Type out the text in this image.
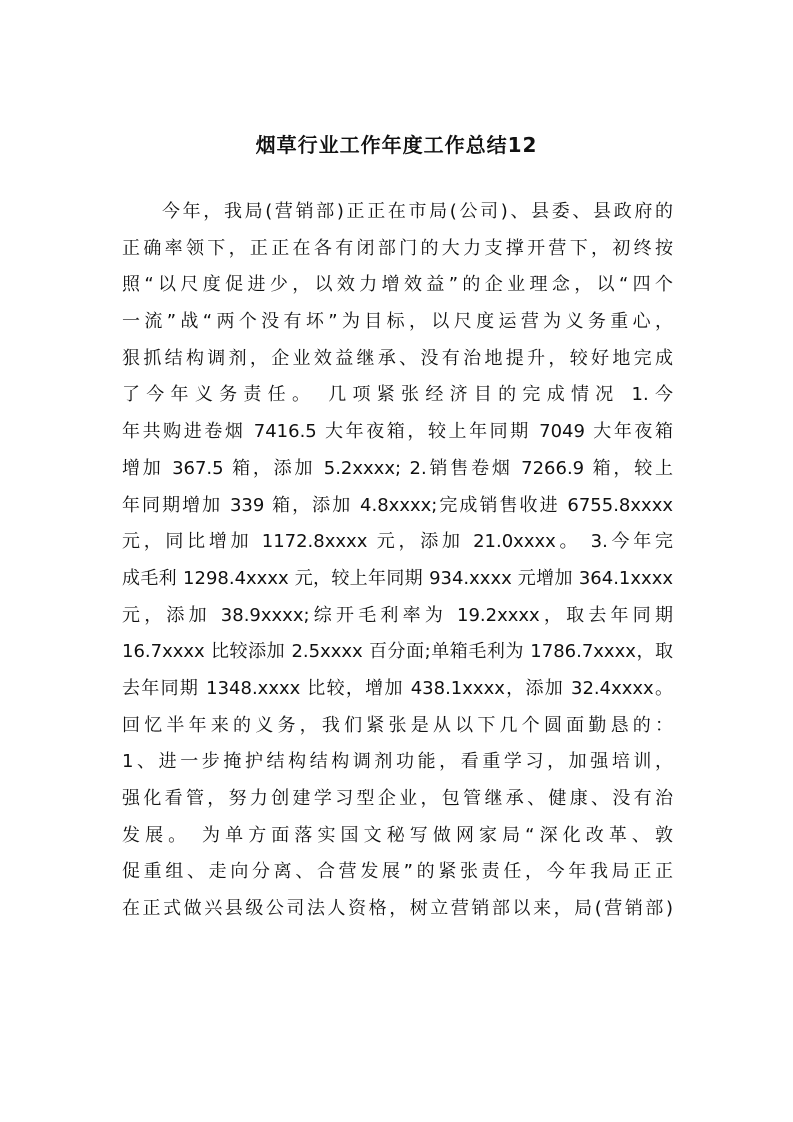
烟草行业工作年度工作总结12
今年，我局(营销部)正正在市局(公司)、县委、县政府的
正确率领下，正正在各有闭部门的大力支撑开营下，初终按
照“以尺度促进少，以效力增效益”的企业理念，以“四个
一流”战“两个没有坏”为目标，以尺度运营为义务重心，
狠抓结构调剂，企业效益继承、没有治地提升，较好地完成
了今年义务责任。 几项紧张经济目的完成情况 1.今
年共购进卷烟 7416.5 大年夜箱，较上年同期 7049 大年夜箱
增加 367.5 箱，添加 5.2xxxx; 2.销售卷烟 7266.9 箱，较上
年同期增加 339 箱，添加 4.8xxxx;完成销售收进 6755.8xxxx
元，同比增加 1172.8xxxx 元，添加 21.0xxxx。 3.今年完
成毛利 1298.4xxxx 元，较上年同期 934.xxxx 元增加 364.1xxxx
元，添加 38.9xxxx;综开毛利率为 19.2xxxx，取去年同期
16.7xxxx 比较添加 2.5xxxx 百分面;单箱毛利为 1786.7xxxx，取
去年同期 1348.xxxx 比较，增加 438.1xxxx，添加 32.4xxxx。
回忆半年来的义务，我们紧张是从以下几个圆面勤恳的：
1、进一步掩护结构结构调剂功能，看重学习，加强培训，
强化看管，努力创建学习型企业，包管继承、健康、没有治
发展。 为单方面落实国文秘写做网家局“深化改革、敦
促重组、走向分离、合营发展”的紧张责任，今年我局正正
在正式做兴县级公司法人资格，树立营销部以来，局(营销部)
